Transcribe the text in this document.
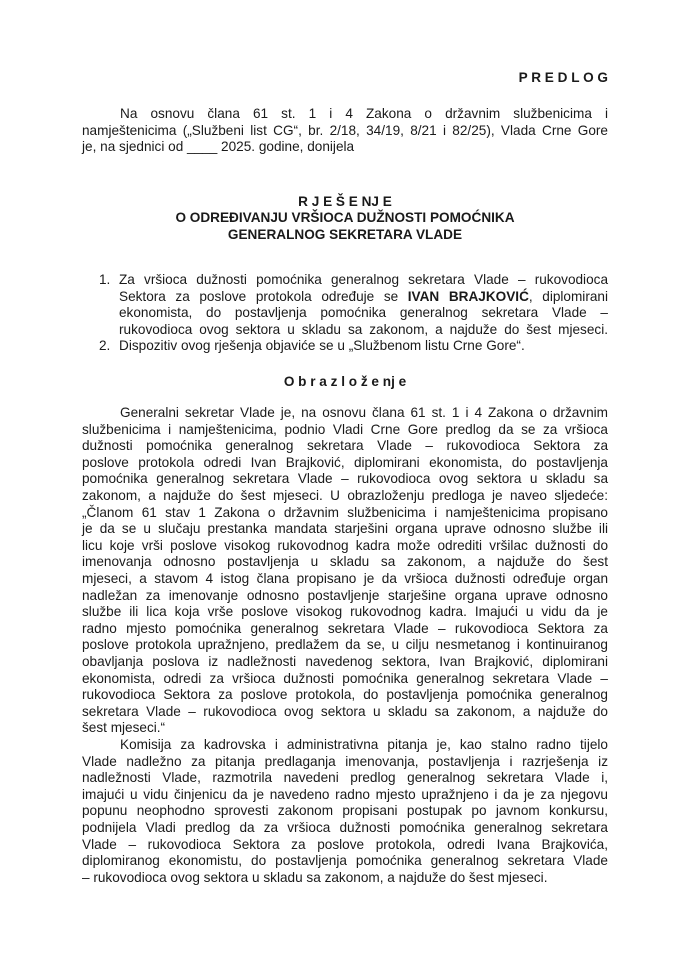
P R E D L O G
Na osnovu člana 61 st. 1 i 4 Zakona o državnim službenicima i
namještenicima („Službeni list CG“, br. 2/18, 34/19, 8/21 i 82/25), Vlada Crne Gore
je, na sjednici od ____ 2025. godine, donijela
R J E Š E NJ E
O ODREĐIVANJU VRŠIOCA DUŽNOSTI POMOĆNIKA
GENERALNOG SEKRETARA VLADE
1. Za vršioca dužnosti pomoćnika generalnog sekretara Vlade – rukovodioca
Sektora za poslove protokola određuje se IVAN BRAJKOVIĆ, diplomirani
ekonomista, do postavljenja pomoćnika generalnog sekretara Vlade –
rukovodioca ovog sektora u skladu sa zakonom, a najduže do šest mjeseci.
2. Dispozitiv ovog rješenja objaviće se u „Službenom listu Crne Gore“.
O b r a z l o ž e nj e
Generalni sekretar Vlade je, na osnovu člana 61 st. 1 i 4 Zakona o državnim
službenicima i namještenicima, podnio Vladi Crne Gore predlog da se za vršioca
dužnosti pomoćnika generalnog sekretara Vlade – rukovodioca Sektora za
poslove protokola odredi Ivan Brajković, diplomirani ekonomista, do postavljenja
pomoćnika generalnog sekretara Vlade – rukovodioca ovog sektora u skladu sa
zakonom, a najduže do šest mjeseci. U obrazloženju predloga je naveo sljedeće:
„Članom 61 stav 1 Zakona o državnim službenicima i namještenicima propisano
je da se u slučaju prestanka mandata starješini organa uprave odnosno službe ili
licu koje vrši poslove visokog rukovodnog kadra može odrediti vršilac dužnosti do
imenovanja odnosno postavljenja u skladu sa zakonom, a najduže do šest
mjeseci, a stavom 4 istog člana propisano je da vršioca dužnosti određuje organ
nadležan za imenovanje odnosno postavljenje starješine organa uprave odnosno
službe ili lica koja vrše poslove visokog rukovodnog kadra. Imajući u vidu da je
radno mjesto pomoćnika generalnog sekretara Vlade – rukovodioca Sektora za
poslove protokola upražnjeno, predlažem da se, u cilju nesmetanog i kontinuiranog
obavljanja poslova iz nadležnosti navedenog sektora, Ivan Brajković, diplomirani
ekonomista, odredi za vršioca dužnosti pomoćnika generalnog sekretara Vlade –
rukovodioca Sektora za poslove protokola, do postavljenja pomoćnika generalnog
sekretara Vlade – rukovodioca ovog sektora u skladu sa zakonom, a najduže do
šest mjeseci.“
Komisija za kadrovska i administrativna pitanja je, kao stalno radno tijelo
Vlade nadležno za pitanja predlaganja imenovanja, postavljenja i razrješenja iz
nadležnosti Vlade, razmotrila navedeni predlog generalnog sekretara Vlade i,
imajući u vidu činjenicu da je navedeno radno mjesto upražnjeno i da je za njegovu
popunu neophodno sprovesti zakonom propisani postupak po javnom konkursu,
podnijela Vladi predlog da za vršioca dužnosti pomoćnika generalnog sekretara
Vlade – rukovodioca Sektora za poslove protokola, odredi Ivana Brajkovića,
diplomiranog ekonomistu, do postavljenja pomoćnika generalnog sekretara Vlade
– rukovodioca ovog sektora u skladu sa zakonom, a najduže do šest mjeseci.
